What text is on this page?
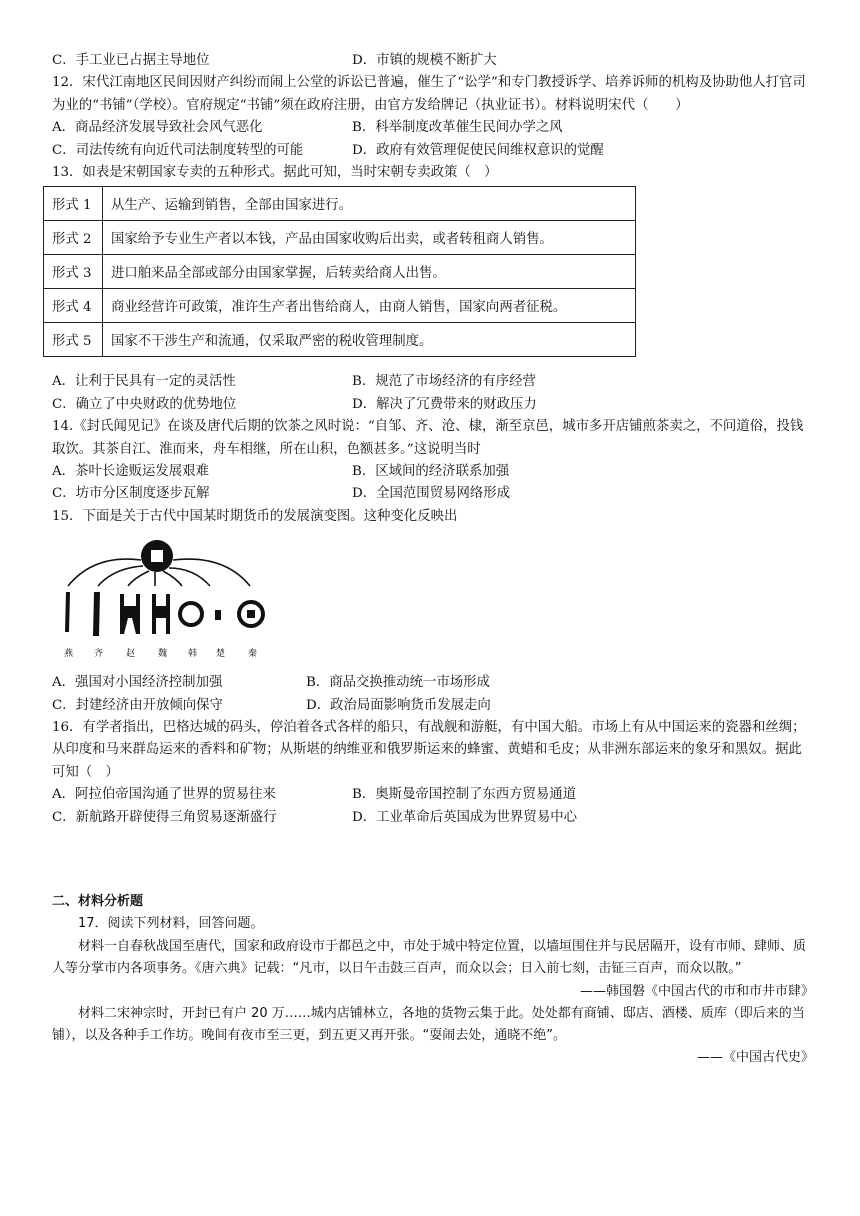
C．手工业已占据主导地位	D．市镇的规模不断扩大
12．宋代江南地区民间因财产纠纷而闹上公堂的诉讼已普遍，催生了“讼学”和专门教授诉学、培养诉师的机构及协助他人打官司为业的“书铺”（学校）。官府规定“书铺”须在政府注册，由官方发给牌记（执业证书）。材料说明宋代（　　）
A．商品经济发展导致社会风气恶化	B．科举制度改革催生民间办学之风
C．司法传统有向近代司法制度转型的可能	D．政府有效管理促使民间维权意识的觉醒
13．如表是宋朝国家专卖的五种形式。据此可知，当时宋朝专卖政策（　）
形式 1	从生产、运输到销售，全部由国家进行。
形式 2	国家给予专业生产者以本钱，产品由国家收购后出卖，或者转租商人销售。
形式 3	进口舶来品全部或部分由国家掌握，后转卖给商人出售。
形式 4	商业经营许可政策，准许生产者出售给商人，由商人销售，国家向两者征税。
形式 5	国家不干涉生产和流通，仅采取严密的税收管理制度。
A．让利于民具有一定的灵活性	B．规范了市场经济的有序经营
C．确立了中央财政的优势地位	D．解决了冗费带来的财政压力
14.《封氏闻见记》在谈及唐代后期的饮茶之风时说：“自邹、齐、沧、棣，渐至京邑，城市多开店铺煎茶卖之，不问道俗，投钱取饮。其茶自江、淮而来，舟车相继，所在山积，色额甚多。”这说明当时
A．茶叶长途贩运发展艰难	B．区域间的经济联系加强
C．坊市分区制度逐步瓦解	D．全国范围贸易网络形成
15．下面是关于古代中国某时期货币的发展演变图。这种变化反映出
燕 齐	赵	魏 韩 楚	秦
A．强国对小国经济控制加强	B．商品交换推动统一市场形成
C．封建经济由开放倾向保守	D．政治局面影响货币发展走向
16．有学者指出，巴格达城的码头，停泊着各式各样的船只，有战舰和游艇，有中国大船。市场上有从中国运来的瓷器和丝绸；从印度和马来群岛运来的香料和矿物；从斯堪的纳维亚和俄罗斯运来的蜂蜜、黄蜡和毛皮；从非洲东部运来的象牙和黑奴。据此可知（　）
A．阿拉伯帝国沟通了世界的贸易往来	B．奥斯曼帝国控制了东西方贸易通道
C．新航路开辟使得三角贸易逐渐盛行	D．工业革命后英国成为世界贸易中心
二、材料分析题
17．阅读下列材料，回答问题。
材料一自春秋战国至唐代，国家和政府设市于都邑之中，市处于城中特定位置，以墙垣围住并与民居隔开，设有市师、肆师、质人等分掌市内各项事务。《唐六典》记载：“凡市，以日午击鼓三百声，而众以会；日入前七刻，击钲三百声，而众以散。”
——韩国磐《中国古代的市和市井市肆》
材料二宋神宗时，开封已有户 20 万……城内店铺林立，各地的货物云集于此。处处都有商铺、邸店、酒楼、质库（即后来的当铺），以及各种手工作坊。晚间有夜市至三更，到五更又再开张。“耍闹去处，通晓不绝”。
——《中国古代史》
